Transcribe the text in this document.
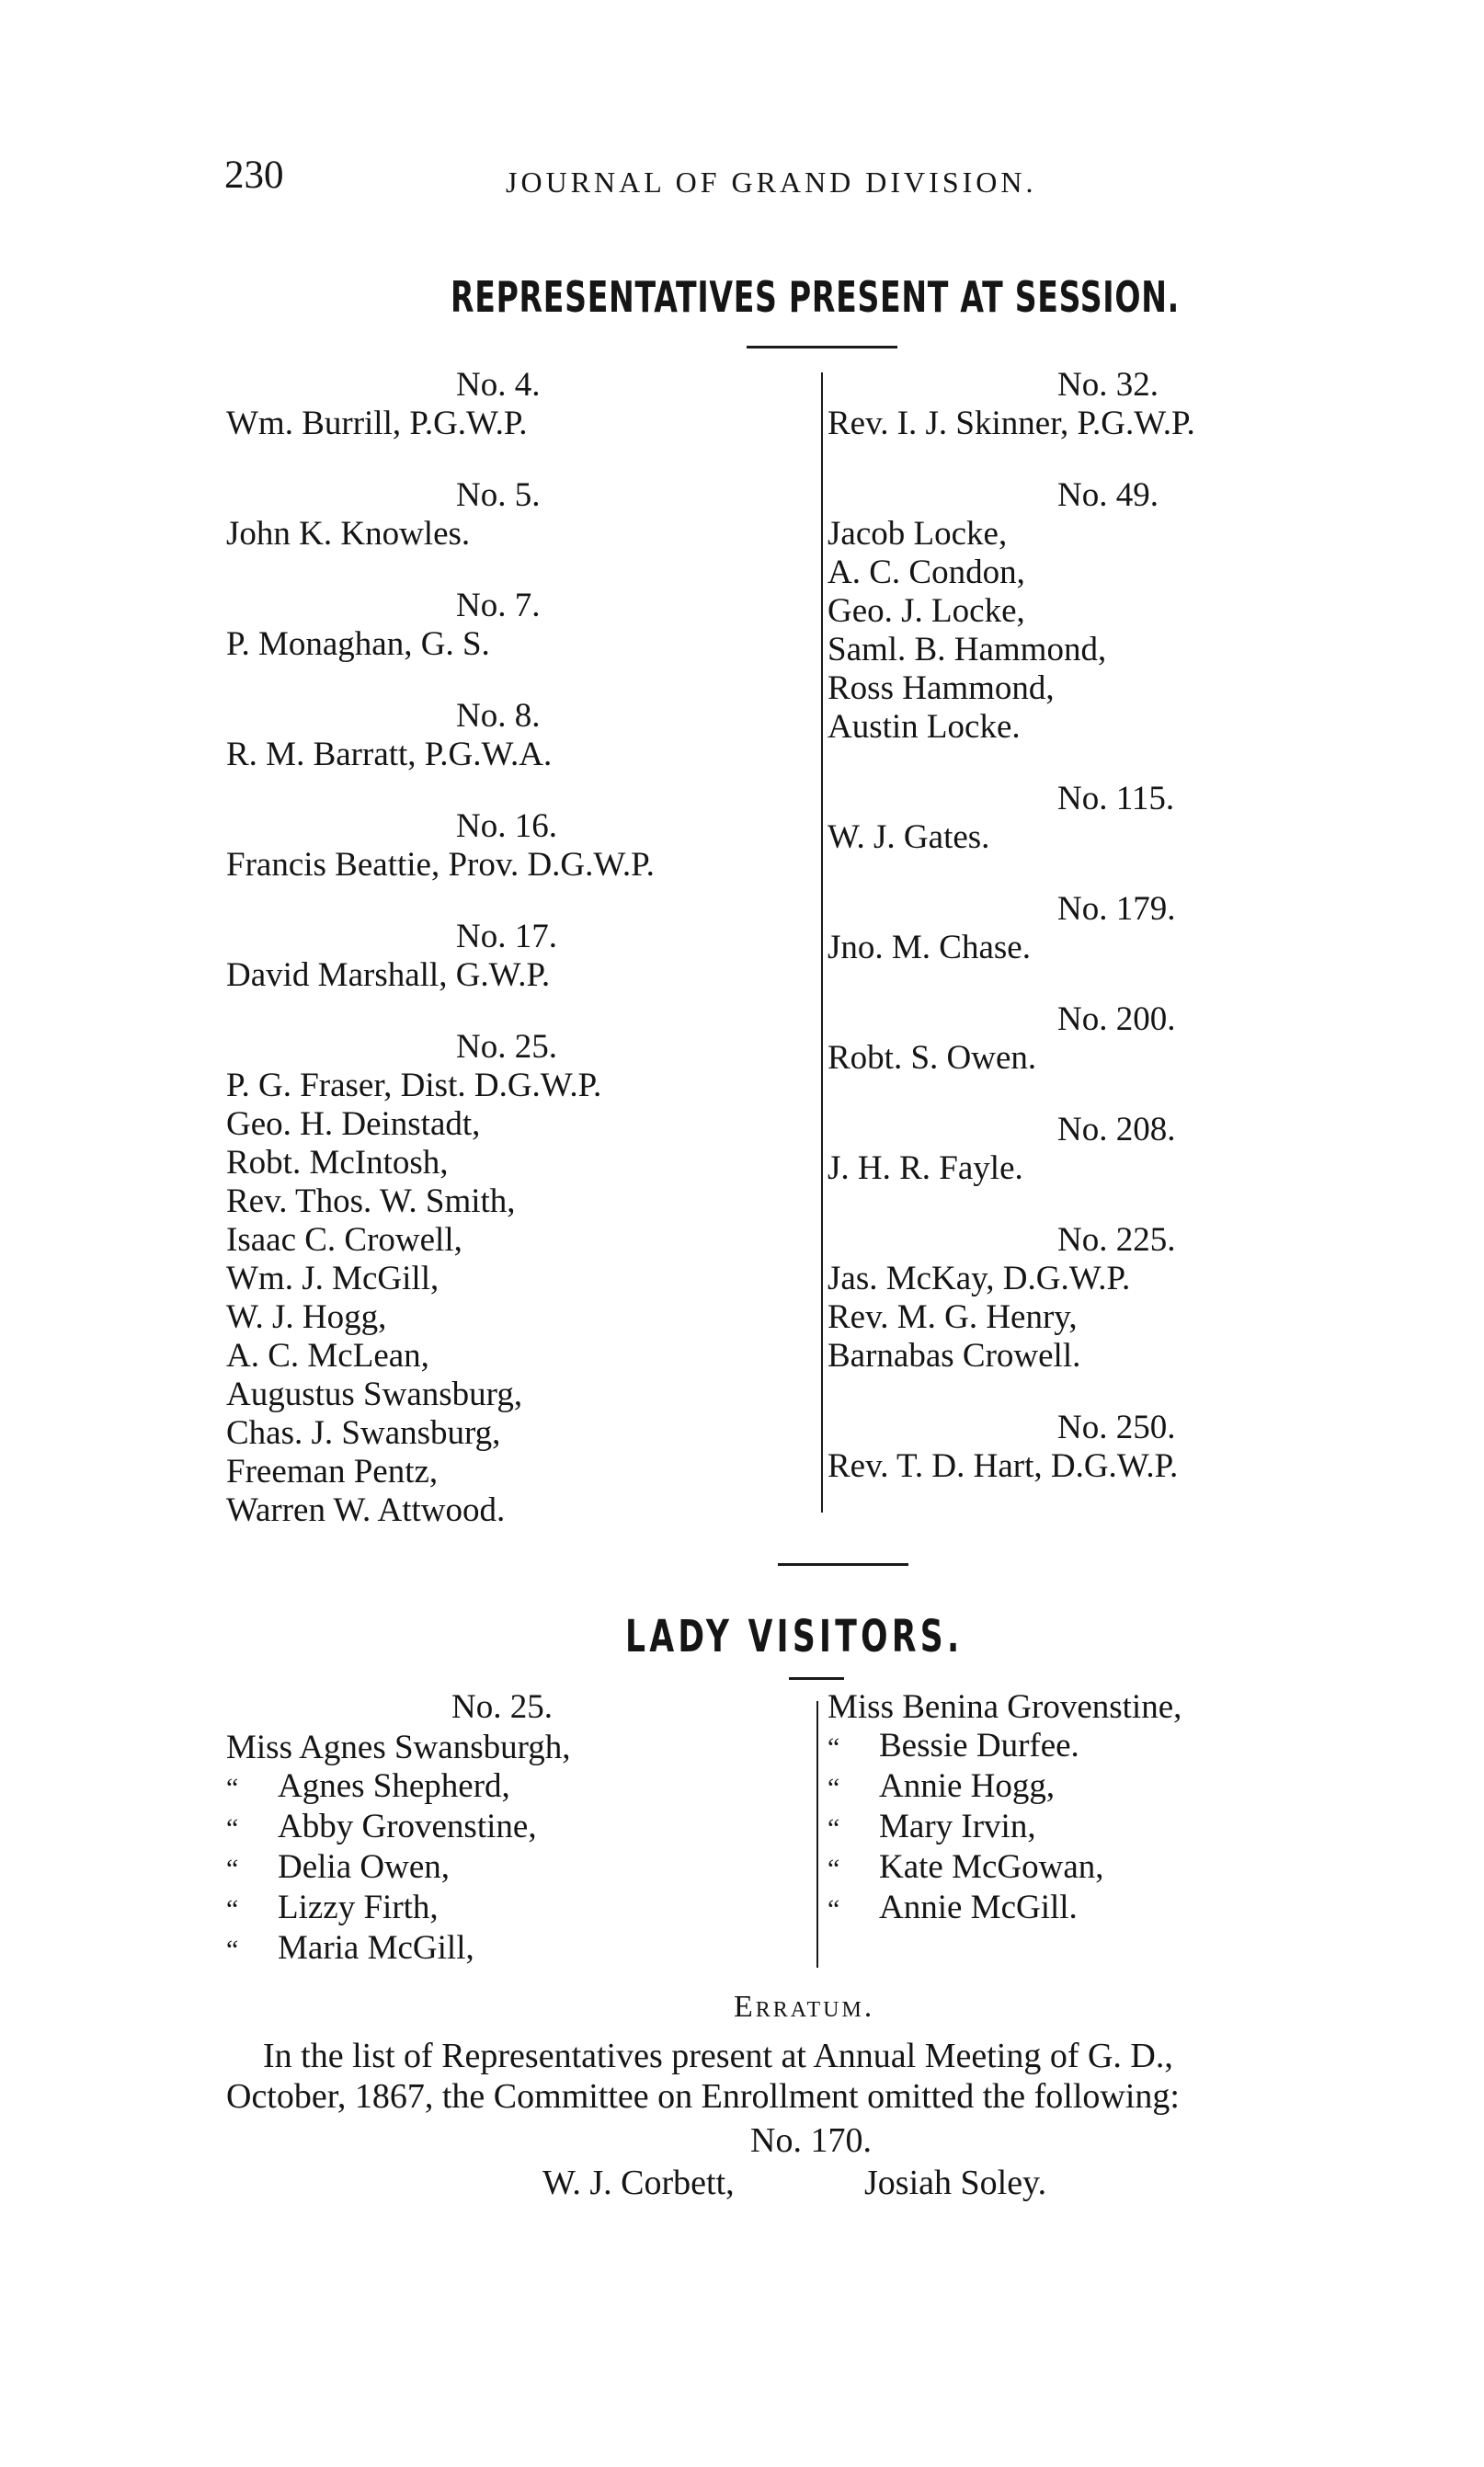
230	JOURNAL OF GRAND DIVISION.
REPRESENTATIVES PRESENT AT SESSION.
No. 4.
Wm. Burrill, P.G.W.P.
No. 5.
John K. Knowles.
No. 7.
P. Monaghan, G. S.
No. 8.
R. M. Barratt, P.G.W.A.
No. 16.
Francis Beattie, Prov. D.G.W.P.
No. 17.
David Marshall, G.W.P.
No. 25.
P. G. Fraser, Dist. D.G.W.P.
Geo. H. Deinstadt,
Robt. McIntosh,
Rev. Thos. W. Smith,
Isaac C. Crowell,
Wm. J. McGill,
W. J. Hogg,
A. C. McLean,
Augustus Swansburg,
Chas. J. Swansburg,
Freeman Pentz,
Warren W. Attwood.
No. 32.
Rev. I. J. Skinner, P.G.W.P.
No. 49.
Jacob Locke,
A. C. Condon,
Geo. J. Locke,
Saml. B. Hammond,
Ross Hammond,
Austin Locke.
No. 115.
W. J. Gates.
No. 179.
Jno. M. Chase.
No. 200.
Robt. S. Owen.
No. 208.
J. H. R. Fayle.
No. 225.
Jas. McKay, D.G.W.P.
Rev. M. G. Henry,
Barnabas Crowell.
No. 250.
Rev. T. D. Hart, D.G.W.P.
LADY VISITORS.
No. 25.
Miss Agnes Swansburgh,
“ Agnes Shepherd,
“ Abby Grovenstine,
“ Delia Owen,
“ Lizzy Firth,
“ Maria McGill,
Miss Benina Grovenstine,
“ Bessie Durfee.
“ Annie Hogg,
“ Mary Irvin,
“ Kate McGowan,
“ Annie McGill.
Erratum.
In the list of Representatives present at Annual Meeting of G. D.,
October, 1867, the Committee on Enrollment omitted the following:
No. 170.
W. J. Corbett,	Josiah Soley.
